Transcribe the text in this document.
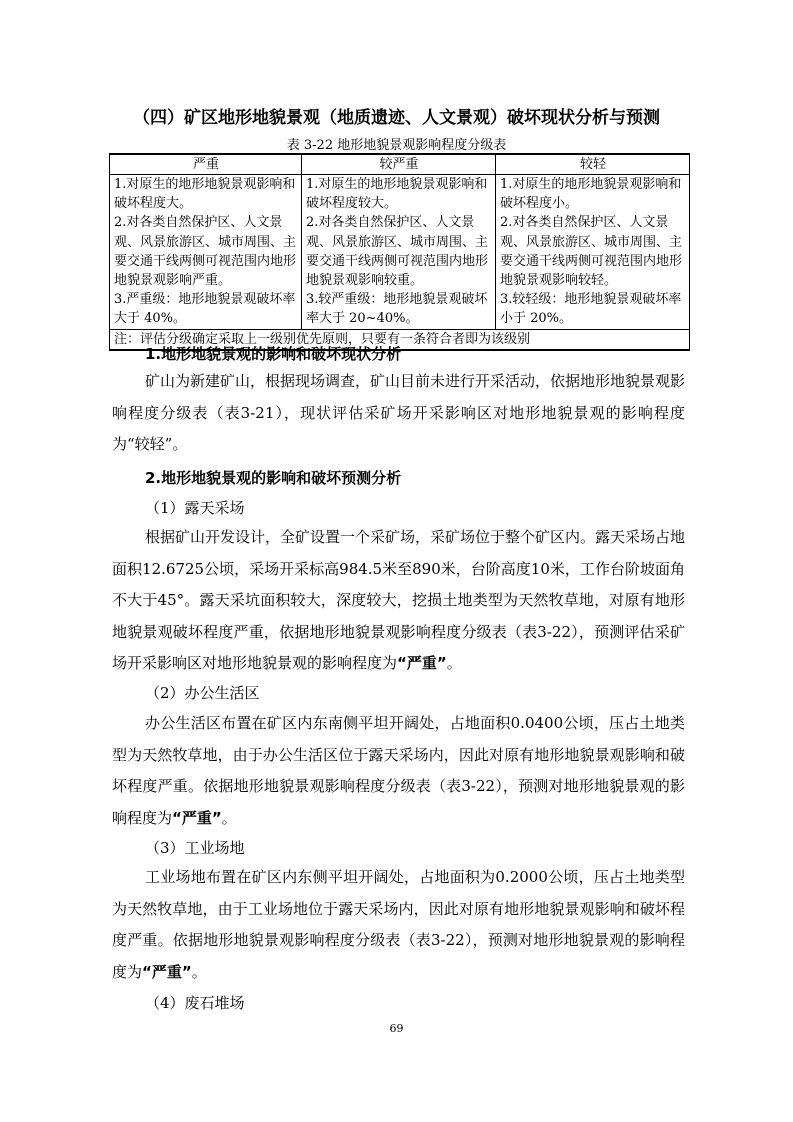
（四）矿区地形地貌景观（地质遗迹、人文景观）破坏现状分析与预测

表 3-22 地形地貌景观影响程度分级表

严重	较严重	较轻
1.对原生的地形地貌景观影响和破坏程度大。
2.对各类自然保护区、人文景观、风景旅游区、城市周围、主要交通干线两侧可视范围内地形地貌景观影响严重。
3.严重级：地形地貌景观破坏率大于 40%。	1.对原生的地形地貌景观影响和破坏程度较大。
2.对各类自然保护区、人文景观、风景旅游区、城市周围、主要交通干线两侧可视范围内地形地貌景观影响较重。
3.较严重级：地形地貌景观破坏率大于 20~40%。	1.对原生的地形地貌景观影响和破坏程度小。
2.对各类自然保护区、人文景观、风景旅游区、城市周围、主要交通干线两侧可视范围内地形地貌景观影响较轻。
3.较轻级：地形地貌景观破坏率小于 20%。
注：评估分级确定采取上一级别优先原则，只要有一条符合者即为该级别		

1.地形地貌景观的影响和破坏现状分析

矿山为新建矿山，根据现场调查，矿山目前未进行开采活动，依据地形地貌景观影响程度分级表（表3-21），现状评估采矿场开采影响区对地形地貌景观的影响程度为“较轻”。

2.地形地貌景观的影响和破坏预测分析

（1）露天采场

根据矿山开发设计，全矿设置一个采矿场，采矿场位于整个矿区内。露天采场占地面积12.6725公顷，采场开采标高984.5米至890米，台阶高度10米，工作台阶坡面角不大于45°。露天采坑面积较大，深度较大，挖损土地类型为天然牧草地，对原有地形地貌景观破坏程度严重，依据地形地貌景观影响程度分级表（表3-22），预测评估采矿场开采影响区对地形地貌景观的影响程度为“严重”。

（2）办公生活区

办公生活区布置在矿区内东南侧平坦开阔处，占地面积0.0400公顷，压占土地类型为天然牧草地，由于办公生活区位于露天采场内，因此对原有地形地貌景观影响和破坏程度严重。依据地形地貌景观影响程度分级表（表3-22），预测对地形地貌景观的影响程度为“严重”。

（3）工业场地

工业场地布置在矿区内东侧平坦开阔处，占地面积为0.2000公顷，压占土地类型为天然牧草地，由于工业场地位于露天采场内，因此对原有地形地貌景观影响和破坏程度严重。依据地形地貌景观影响程度分级表（表3-22），预测对地形地貌景观的影响程度为“严重”。

（4）废石堆场

69
